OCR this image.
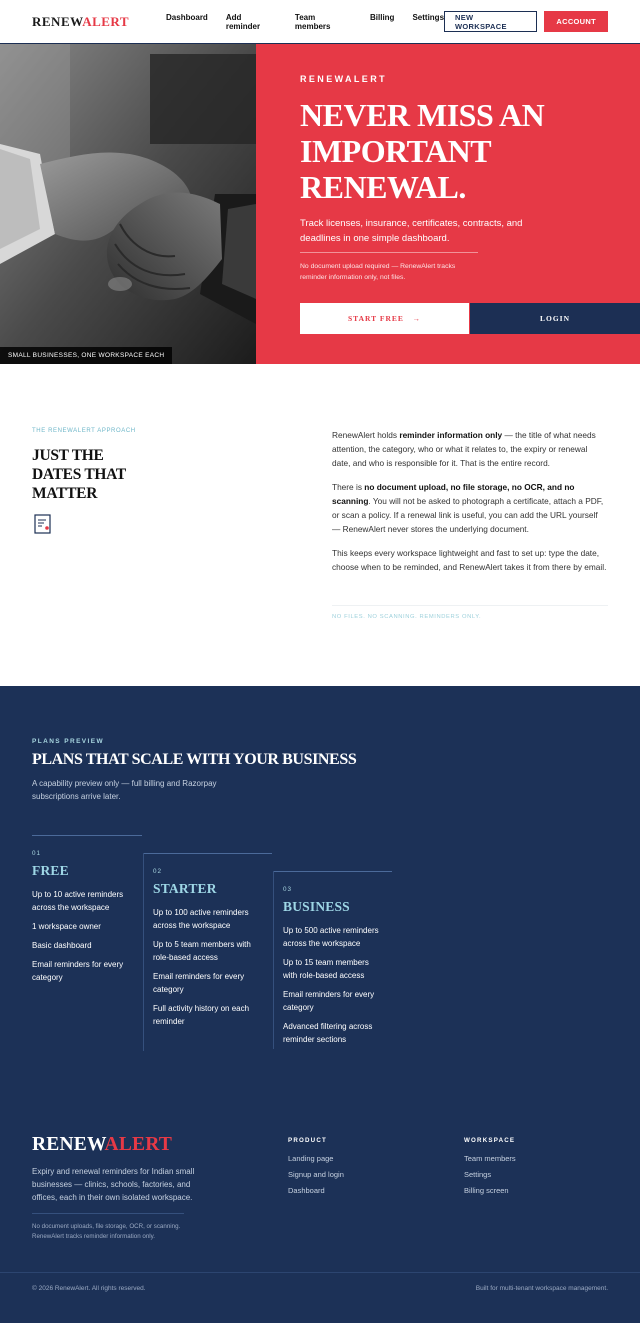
RENEWALERT	Dashboard Add reminder
Team members
Billing Settings	NEW WORKSPACE	ACCOUNT
SMALL BUSINESSES, ONE WORKSPACE EACH
RENEWALERT
NEVER MISS AN
IMPORTANT
RENEWAL.
Track licenses, insurance, certificates, contracts, and deadlines in one simple dashboard.
No document upload required — RenewAlert tracks reminder information only, not files.
START FREE
→	LOGIN
THE RENEWALERT APPROACH
JUST THE
DATES THAT
MATTER

RenewAlert holds reminder information only — the title of what needs attention, the category, who or what it relates to, the expiry or renewal date, and who is responsible for it. That is the entire record.

There is no document upload, no file storage, no OCR, and no scanning. You will not be asked to photograph a certificate, attach a PDF, or scan a policy. If a renewal link is useful, you can add the URL yourself — RenewAlert never stores the underlying document.

This keeps every workspace lightweight and fast to set up: type the date, choose when to be reminded, and RenewAlert takes it from there by email.

NO FILES. NO SCANNING. REMINDERS ONLY.
PLANS PREVIEW
PLANS THAT SCALE WITH YOUR BUSINESS
A capability preview only — full billing and Razorpay subscriptions arrive later.
01
FREE
Up to 10 active reminders across the workspace
1 workspace owner
Basic dashboard
Email reminders for every category
02
STARTER
Up to 100 active reminders across the workspace
Up to 5 team members with role-based access
Email reminders for every category
Full activity history on each reminder
03
BUSINESS
Up to 500 active reminders across the workspace
Up to 15 team members with role-based access
Email reminders for every category
Advanced filtering across reminder sections
RENEWALERT
Expiry and renewal reminders for Indian small businesses — clinics, schools, factories, and offices, each in their own isolated workspace.
No document uploads, file storage, OCR, or scanning. RenewAlert tracks reminder information only.
PRODUCT
Landing page
Signup and login
Dashboard
WORKSPACE
Team members
Settings
Billing screen
© 2026 RenewAlert. All rights reserved.	Built for multi-tenant workspace management.
